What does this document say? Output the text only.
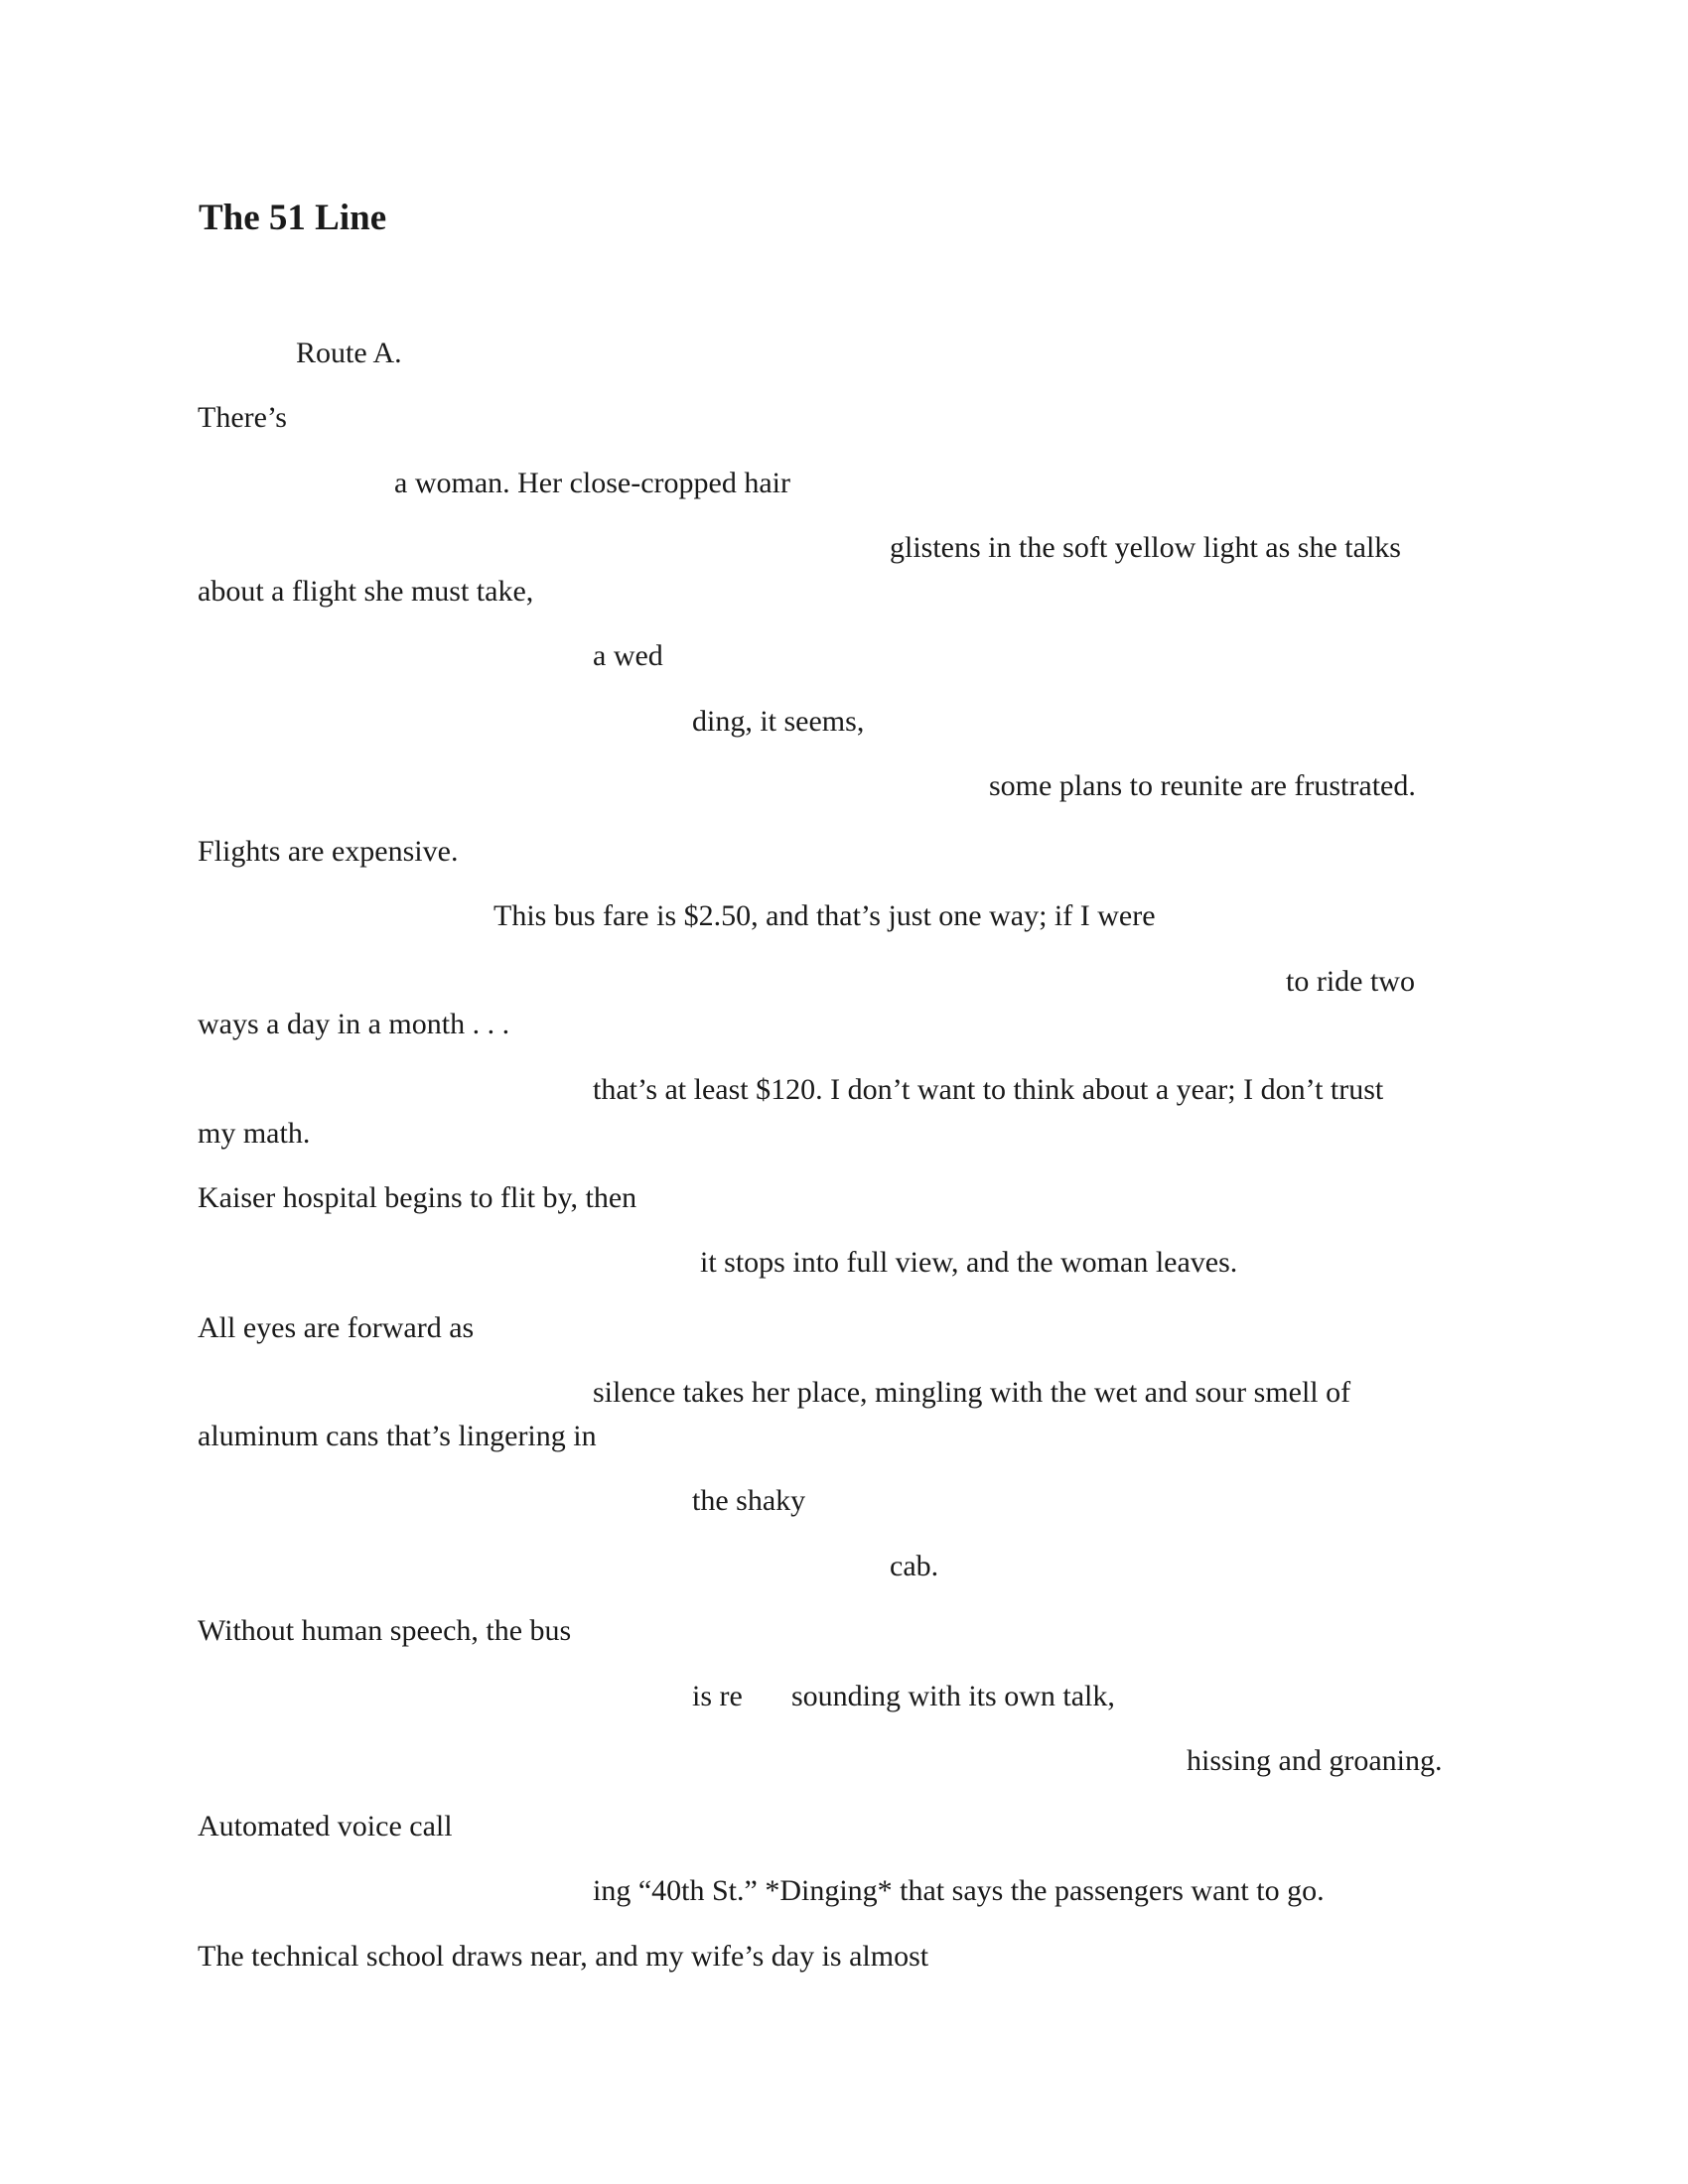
The 51 Line

Route A.

There’s

a woman. Her close-cropped hair

glistens in the soft yellow light as she talks

about a flight she must take,

a wed

ding, it seems,

some plans to reunite are frustrated.

Flights are expensive.

This bus fare is $2.50, and that’s just one way; if I were

to ride two

ways a day in a month . . .

that’s at least $120. I don’t want to think about a year; I don’t trust

my math.

Kaiser hospital begins to flit by, then

it stops into full view, and the woman leaves.

All eyes are forward as

silence takes her place, mingling with the wet and sour smell of

aluminum cans that’s lingering in

the shaky

cab.

Without human speech, the bus

is re sounding with its own talk,

hissing and groaning.

Automated voice call

ing “40th St.” *Dinging* that says the passengers want to go.

The technical school draws near, and my wife’s day is almost
